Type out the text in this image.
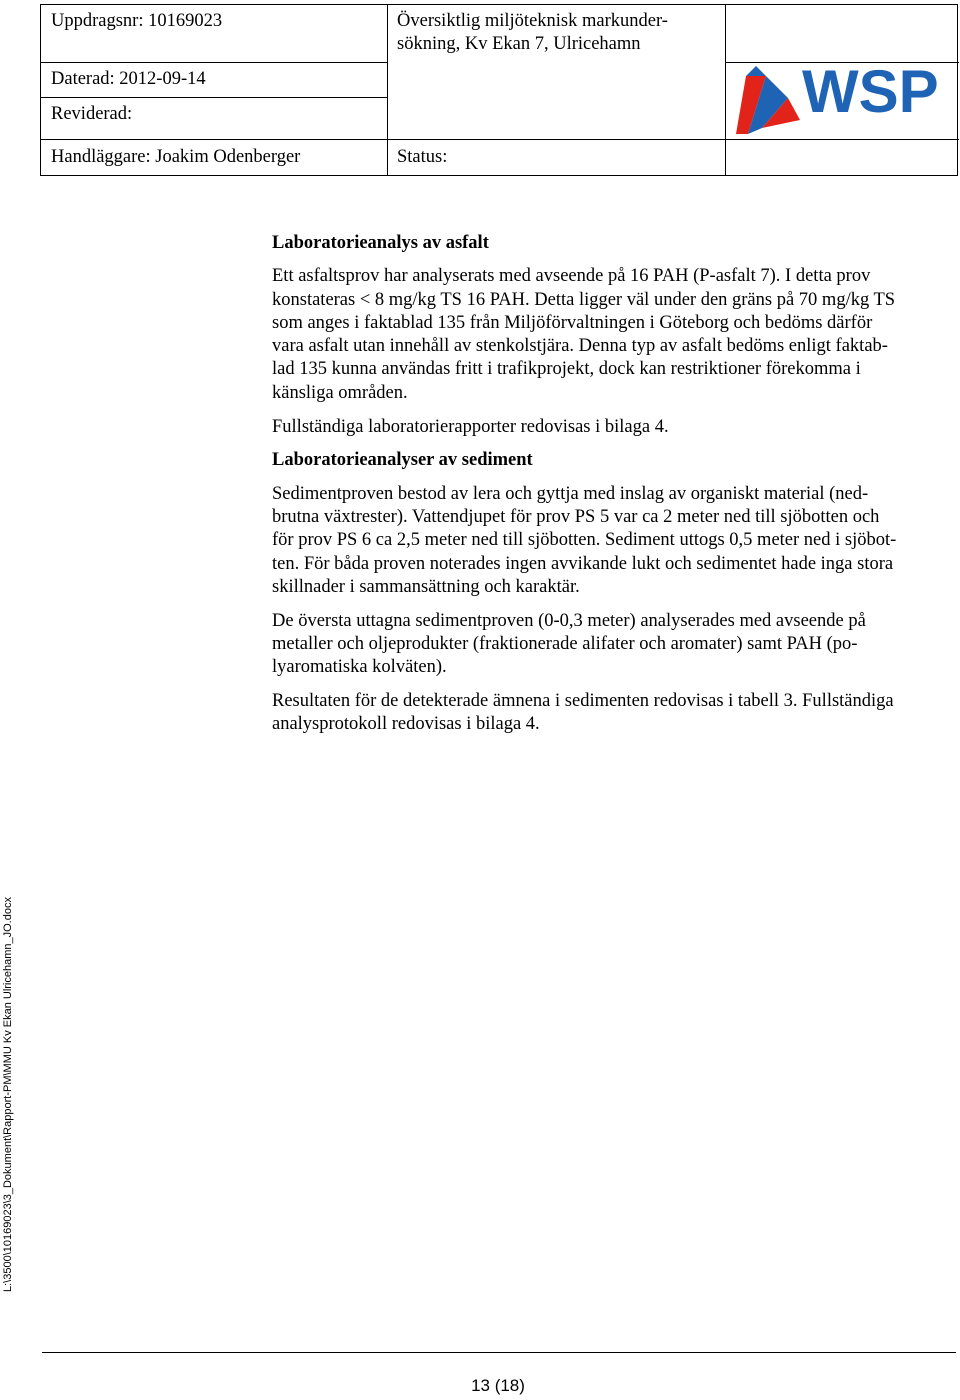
Uppdragsnr: 10169023	Översiktlig miljöteknisk markunder-
sökning, Kv Ekan 7, Ulricehamn
Daterad: 2012-09-14
Reviderad:
Handläggare: Joakim Odenberger	Status:
WSP
Laboratorieanalys av asfalt

Ett asfaltsprov har analyserats med avseende på 16 PAH (P-asfalt 7). I detta prov
konstateras < 8 mg/kg TS 16 PAH. Detta ligger väl under den gräns på 70 mg/kg TS
som anges i faktablad 135 från Miljöförvaltningen i Göteborg och bedöms därför
vara asfalt utan innehåll av stenkolstjära. Denna typ av asfalt bedöms enligt faktab-
lad 135 kunna användas fritt i trafikprojekt, dock kan restriktioner förekomma i
känsliga områden.

Fullständiga laboratorierapporter redovisas i bilaga 4.

Laboratorieanalyser av sediment

Sedimentproven bestod av lera och gyttja med inslag av organiskt material (ned-
brutna växtrester). Vattendjupet för prov PS 5 var ca 2 meter ned till sjöbotten och
för prov PS 6 ca 2,5 meter ned till sjöbotten. Sediment uttogs 0,5 meter ned i sjöbot-
ten. För båda proven noterades ingen avvikande lukt och sedimentet hade inga stora
skillnader i sammansättning och karaktär.

De översta uttagna sedimentproven (0-0,3 meter) analyserades med avseende på
metaller och oljeprodukter (fraktionerade alifater och aromater) samt PAH (po-
lyaromatiska kolväten).

Resultaten för de detekterade ämnena i sedimenten redovisas i tabell 3. Fullständiga
analysprotokoll redovisas i bilaga 4.

L:\3500\10169023\3_Dokument\Rapport-PM\MMU Kv Ekan Ulricehamn_JO.docx
13 (18)
